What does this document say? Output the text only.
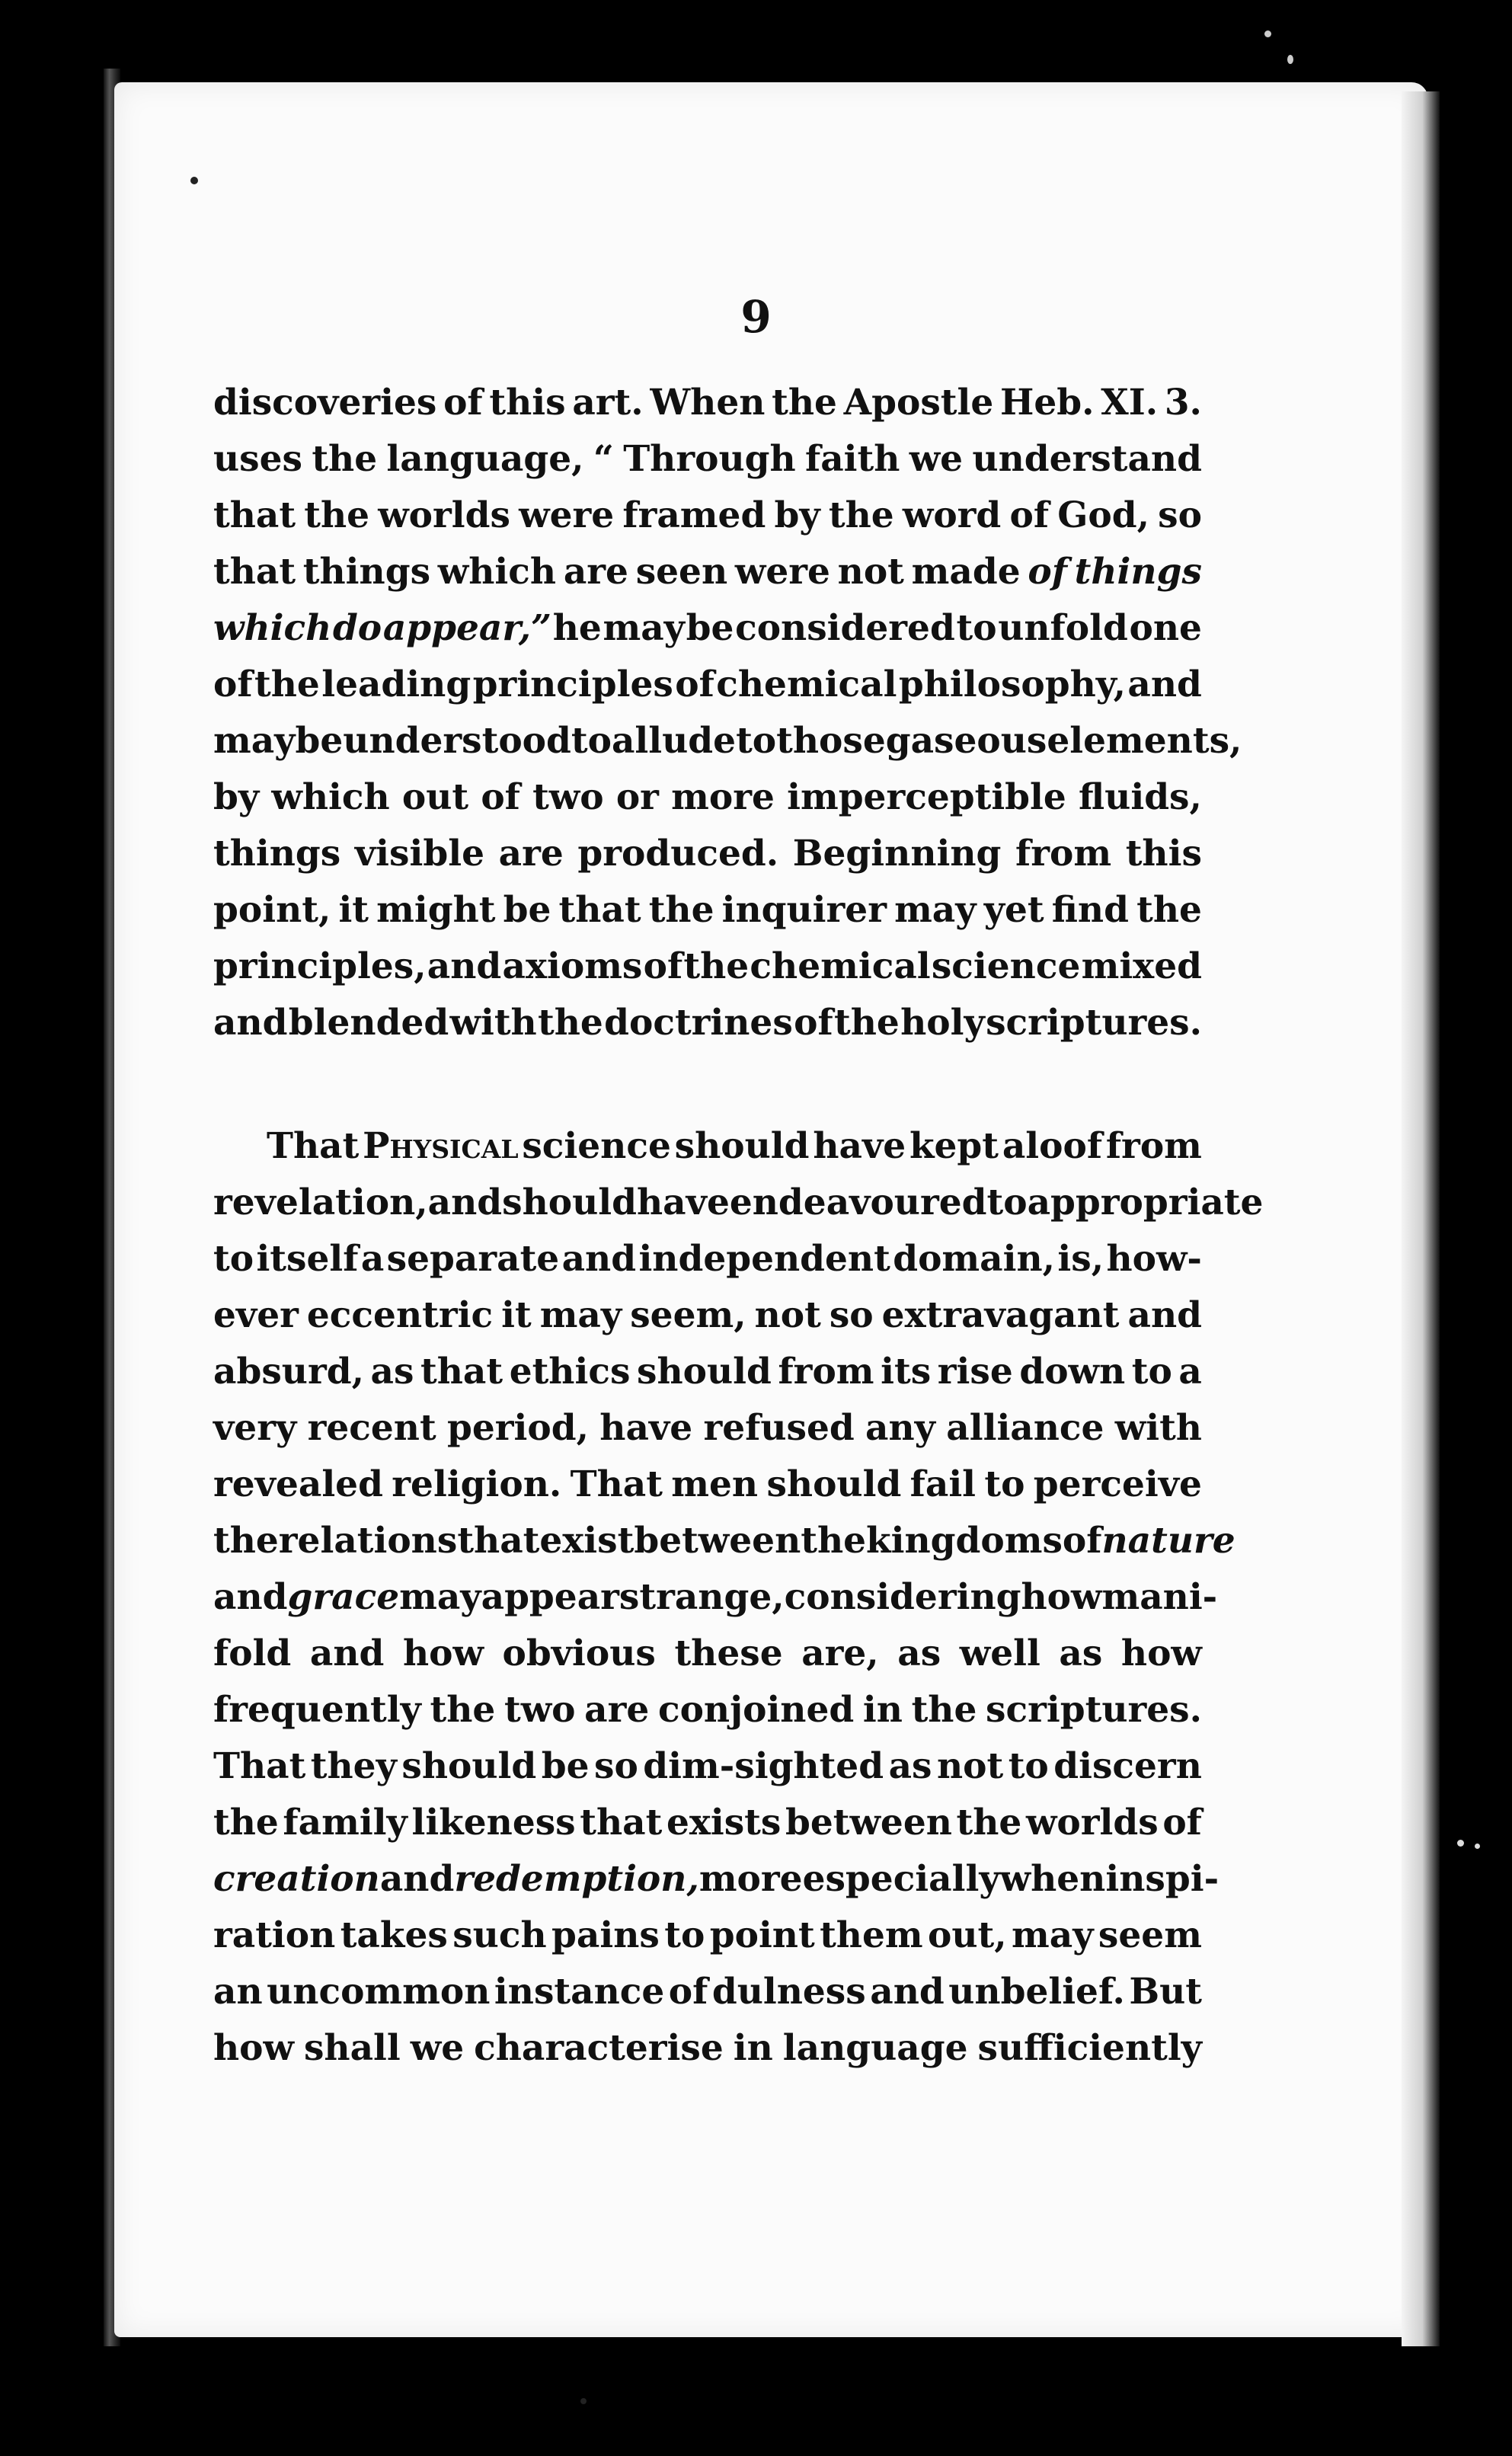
9
discoveries of this art. When the Apostle Heb. XI. 3.
uses the language, “ Through faith we understand
that the worlds were framed by the word of God, so
that things which are seen were not made of things
which do appear,” he may be considered to unfold one
of the leading principles of chemical philosophy, and
may be understood to allude to those gaseous elements,
by which out of two or more imperceptible fluids,
things visible are produced. Beginning from this
point, it might be that the inquirer may yet find the
principles, and axioms of the chemical science mixed
and blended with the doctrines of the holy scriptures.
That Physical science should have kept aloof from
revelation, and should have endeavoured to appropriate
to itself a separate and independent domain, is, how-
ever eccentric it may seem, not so extravagant and
absurd, as that ethics should from its rise down to a
very recent period, have refused any alliance with
revealed religion. That men should fail to perceive
the relations that exist between the kingdoms of nature
and grace may appear strange, considering how mani-
fold and how obvious these are, as well as how
frequently the two are conjoined in the scriptures.
That they should be so dim-sighted as not to discern
the family likeness that exists between the worlds of
creation and redemption, more especially when inspi-
ration takes such pains to point them out, may seem
an uncommon instance of dulness and unbelief. But
how shall we characterise in language sufficiently
